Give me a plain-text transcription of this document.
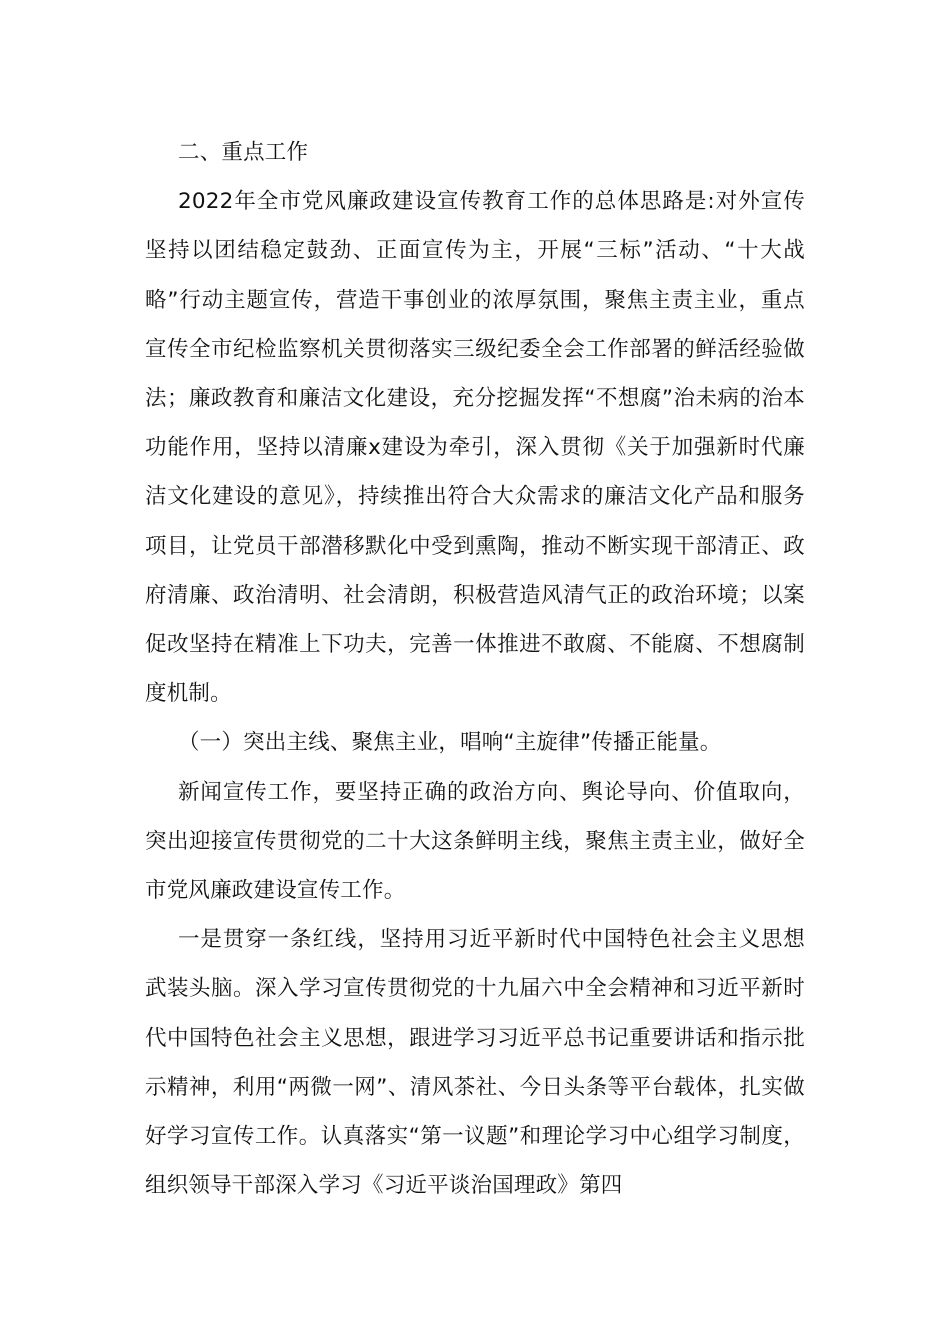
二、重点工作

2022年全市党风廉政建设宣传教育工作的总体思路是:对外宣传坚持以团结稳定鼓劲、正面宣传为主，开展“三标”活动、“十大战略”行动主题宣传，营造干事创业的浓厚氛围，聚焦主责主业，重点宣传全市纪检监察机关贯彻落实三级纪委全会工作部署的鲜活经验做法；廉政教育和廉洁文化建设，充分挖掘发挥“不想腐”治未病的治本功能作用，坚持以清廉x建设为牵引，深入贯彻《关于加强新时代廉洁文化建设的意见》，持续推出符合大众需求的廉洁文化产品和服务项目，让党员干部潜移默化中受到熏陶，推动不断实现干部清正、政府清廉、政治清明、社会清朗，积极营造风清气正的政治环境；以案促改坚持在精准上下功夫，完善一体推进不敢腐、不能腐、不想腐制度机制。

（一）突出主线、聚焦主业，唱响“主旋律”传播正能量。

新闻宣传工作，要坚持正确的政治方向、舆论导向、价值取向，突出迎接宣传贯彻党的二十大这条鲜明主线，聚焦主责主业，做好全市党风廉政建设宣传工作。

一是贯穿一条红线，坚持用习近平新时代中国特色社会主义思想武装头脑。深入学习宣传贯彻党的十九届六中全会精神和习近平新时代中国特色社会主义思想，跟进学习习近平总书记重要讲话和指示批示精神，利用“两微一网”、清风茶社、今日头条等平台载体，扎实做好学习宣传工作。认真落实“第一议题”和理论学习中心组学习制度，组织领导干部深入学习《习近平谈治国理政》第四
